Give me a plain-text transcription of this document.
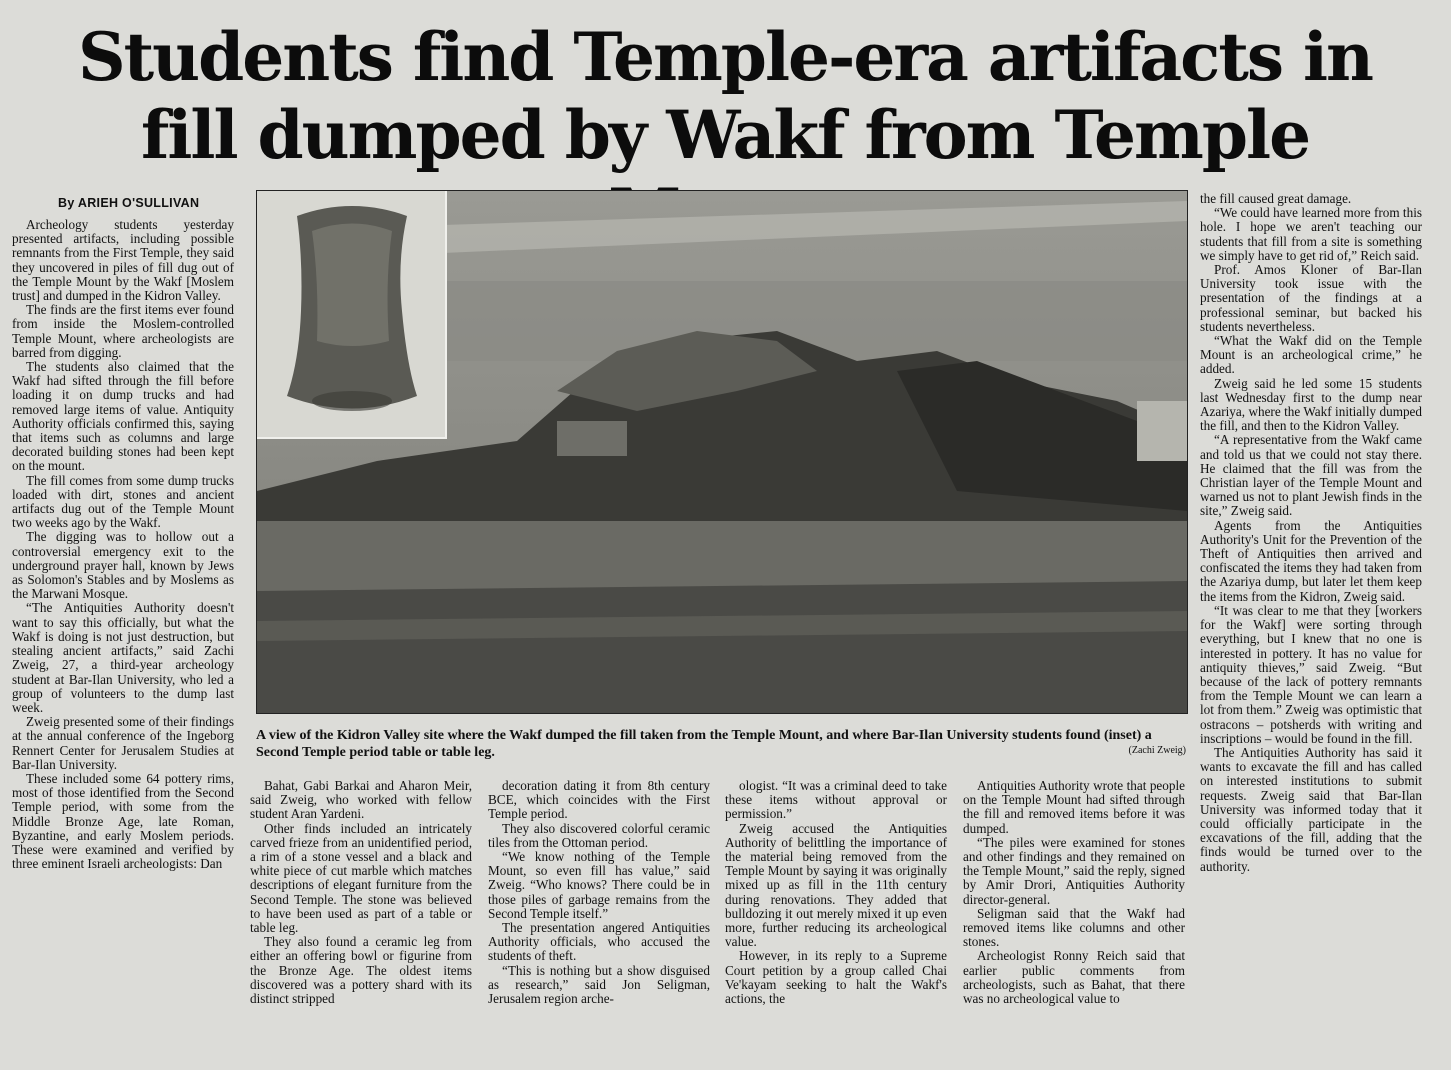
Students find Temple-era artifacts in fill dumped by Wakf from Temple
By ARIEH O'SULLIVAN

Archeology students yesterday presented artifacts, including possible remnants from the First Temple, they said they uncovered in piles of fill dug out of the Temple Mount by the Wakf [Moslem trust] and dumped in the Kidron Valley.

The finds are the first items ever found from inside the Moslem-controlled Temple Mount, where archeologists are barred from digging.

The students also claimed that the Wakf had sifted through the fill before loading it on dump trucks and had removed large items of value. Antiquity Authority officials confirmed this, saying that items such as columns and large decorated building stones had been kept on the mount.

The fill comes from some dump trucks loaded with dirt, stones and ancient artifacts dug out of the Temple Mount two weeks ago by the Wakf.

The digging was to hollow out a controversial emergency exit to the underground prayer hall, known by Jews as Solomon's Stables and by Moslems as the Marwani Mosque.

“The Antiquities Authority doesn't want to say this officially, but what the Wakf is doing is not just destruction, but stealing ancient artifacts,” said Zachi Zweig, 27, a third-year archeology student at Bar-Ilan University, who led a group of volunteers to the dump last week.

Zweig presented some of their findings at the annual conference of the Ingeborg Rennert Center for Jerusalem Studies at Bar-Ilan University.

These included some 64 pottery rims, most of those identified from the Second Temple period, with some from the Middle Bronze Age, late Roman, Byzantine, and early Moslem periods. These were examined and verified by three eminent Israeli archeologists: Dan

A view of the Kidron Valley site where the Wakf dumped the fill taken from the Temple Mount, and where Bar-Ilan University students found (inset) a Second Temple period table or table leg.	(Zachi Zweig)

Bahat, Gabi Barkai and Aharon Meir, said Zweig, who worked with fellow student Aran Yardeni.

Other finds included an intricately carved frieze from an unidentified period, a rim of a stone vessel and a black and white piece of cut marble which matches descriptions of elegant furniture from the Second Temple. The stone was believed to have been used as part of a table or table leg.

They also found a ceramic leg from either an offering bowl or figurine from the Bronze Age. The oldest items discovered was a pottery shard with its distinct stripped

decoration dating it from 8th century BCE, which coincides with the First Temple period.

They also discovered colorful ceramic tiles from the Ottoman period.

“We know nothing of the Temple Mount, so even fill has value,” said Zweig. “Who knows? There could be in those piles of garbage remains from the Second Temple itself.”

The presentation angered Antiquities Authority officials, who accused the students of theft.

“This is nothing but a show disguised as research,” said Jon Seligman, Jerusalem region arche-

ologist. “It was a criminal deed to take these items without approval or permission.”

Zweig accused the Antiquities Authority of belittling the importance of the material being removed from the Temple Mount by saying it was originally mixed up as fill in the 11th century during renovations. They added that bulldozing it out merely mixed it up even more, further reducing its archeological value.

However, in its reply to a Supreme Court petition by a group called Chai Ve'kayam seeking to halt the Wakf's actions, the

Antiquities Authority wrote that people on the Temple Mount had sifted through the fill and removed items before it was dumped.

“The piles were examined for stones and other findings and they remained on the Temple Mount,” said the reply, signed by Amir Drori, Antiquities Authority director-general.

Seligman said that the Wakf had removed items like columns and other stones.

Archeologist Ronny Reich said that earlier public comments from archeologists, such as Bahat, that there was no archeological value to

the fill caused great damage.

“We could have learned more from this hole. I hope we aren't teaching our students that fill from a site is something we simply have to get rid of,” Reich said.

Prof. Amos Kloner of Bar-Ilan University took issue with the presentation of the findings at a professional seminar, but backed his students nevertheless.

“What the Wakf did on the Temple Mount is an archeological crime,” he added.

Zweig said he led some 15 students last Wednesday first to the dump near Azariya, where the Wakf initially dumped the fill, and then to the Kidron Valley.

“A representative from the Wakf came and told us that we could not stay there. He claimed that the fill was from the Christian layer of the Temple Mount and warned us not to plant Jewish finds in the site,” Zweig said.

Agents from the Antiquities Authority's Unit for the Prevention of the Theft of Antiquities then arrived and confiscated the items they had taken from the Azariya dump, but later let them keep the items from the Kidron, Zweig said.

“It was clear to me that they [workers for the Wakf] were sorting through everything, but I knew that no one is interested in pottery. It has no value for antiquity thieves,” said Zweig. “But because of the lack of pottery remnants from the Temple Mount we can learn a lot from them.” Zweig was optimistic that ostracons – potsherds with writing and inscriptions – would be found in the fill.

The Antiquities Authority has said it wants to excavate the fill and has called on interested institutions to submit requests. Zweig said that Bar-Ilan University was informed today that it could officially participate in the excavations of the fill, adding that the finds would be turned over to the authority.
